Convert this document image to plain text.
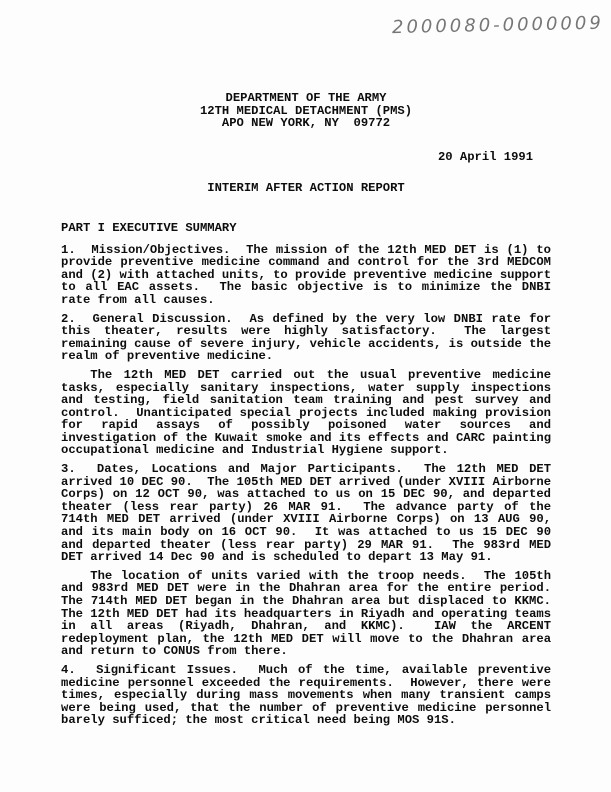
2000080-0000009
DEPARTMENT OF THE ARMY
12TH MEDICAL DETACHMENT (PMS)
APO NEW YORK, NY  09772
20 April 1991
INTERIM AFTER ACTION REPORT
PART I EXECUTIVE SUMMARY
1.  Mission/Objectives.  The mission of the 12th MED DET is (1) to provide preventive medicine command and control for the 3rd MEDCOM and (2) with attached units, to provide preventive medicine support to all EAC assets.  The basic objective is to minimize the DNBI rate from all causes.
2.  General Discussion.  As defined by the very low DNBI rate for this theater, results were highly satisfactory.  The largest remaining cause of severe injury, vehicle accidents, is outside the realm of preventive medicine.
The 12th MED DET carried out the usual preventive medicine tasks, especially sanitary inspections, water supply inspections and testing, field sanitation team training and pest survey and control.  Unanticipated special projects included making provision for rapid assays of possibly poisoned water sources and investigation of the Kuwait smoke and its effects and CARC painting occupational medicine and Industrial Hygiene support.
3.  Dates, Locations and Major Participants.  The 12th MED DET arrived 10 DEC 90.  The 105th MED DET arrived (under XVIII Airborne Corps) on 12 OCT 90, was attached to us on 15 DEC 90, and departed theater (less rear party) 26 MAR 91.  The advance party of the 714th MED DET arrived (under XVIII Airborne Corps) on 13 AUG 90, and its main body on 16 OCT 90.  It was attached to us 15 DEC 90 and departed theater (less rear party) 29 MAR 91.  The 983rd MED DET arrived 14 Dec 90 and is scheduled to depart 13 May 91.
The location of units varied with the troop needs.  The 105th and 983rd MED DET were in the Dhahran area for the entire period.  The 714th MED DET began in the Dhahran area but displaced to KKMC.  The 12th MED DET had its headquarters in Riyadh and operating teams in all areas (Riyadh, Dhahran, and KKMC).  IAW the ARCENT redeployment plan, the 12th MED DET will move to the Dhahran area and return to CONUS from there.
4.  Significant Issues.  Much of the time, available preventive medicine personnel exceeded the requirements.  However, there were times, especially during mass movements when many transient camps were being used, that the number of preventive medicine personnel barely sufficed; the most critical need being MOS 91S.
